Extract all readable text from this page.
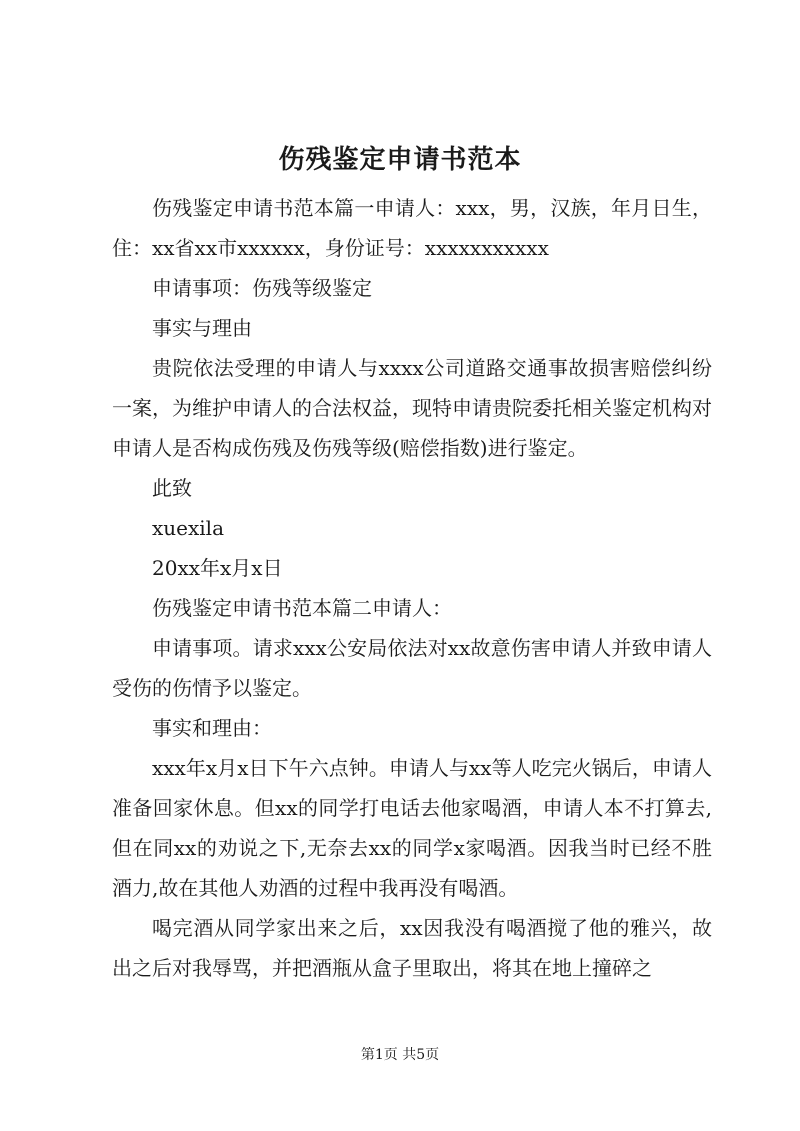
伤残鉴定申请书范本

伤残鉴定申请书范本篇一申请人：xxx，男，汉族，年月日生，住：xx省xx市xxxxxx，身份证号：xxxxxxxxxxx

申请事项：伤残等级鉴定

事实与理由

贵院依法受理的申请人与xxxx公司道路交通事故损害赔偿纠纷一案，为维护申请人的合法权益，现特申请贵院委托相关鉴定机构对申请人是否构成伤残及伤残等级(赔偿指数)进行鉴定。

此致

xuexila

20xx年x月x日

伤残鉴定申请书范本篇二申请人：

申请事项。请求xxx公安局依法对xx故意伤害申请人并致申请人受伤的伤情予以鉴定。

事实和理由：

xxx年x月x日下午六点钟。申请人与xx等人吃完火锅后，申请人准备回家休息。但xx的同学打电话去他家喝酒，申请人本不打算去,但在同xx的劝说之下,无奈去xx的同学x家喝酒。因我当时已经不胜酒力,故在其他人劝酒的过程中我再没有喝酒。

喝完酒从同学家出来之后，xx因我没有喝酒搅了他的雅兴，故出之后对我辱骂，并把酒瓶从盒子里取出，将其在地上撞碎之

第1页 共5页
